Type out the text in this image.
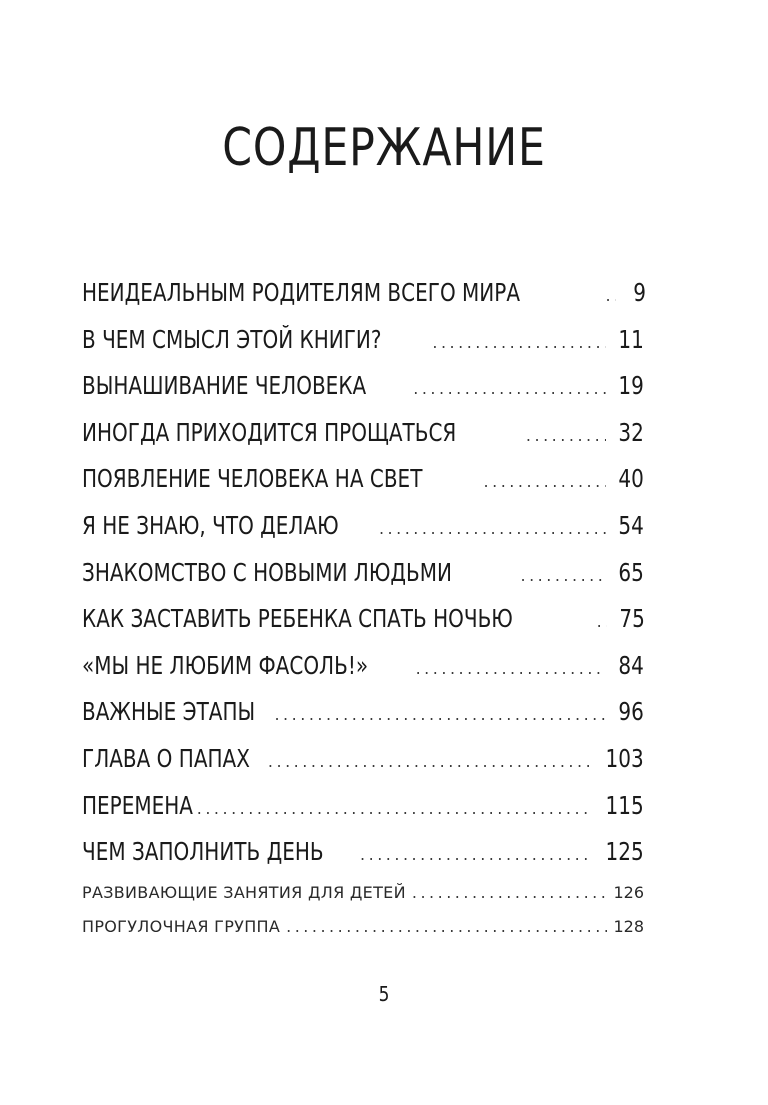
СОДЕРЖАНИЕ
НЕИДЕАЛЬНЫМ РОДИТЕЛЯМ ВСЕГО МИРА .....	9
В ЧЕМ СМЫСЛ ЭТОЙ КНИГИ? .....	11
ВЫНАШИВАНИЕ ЧЕЛОВЕКА .....	19
ИНОГДА ПРИХОДИТСЯ ПРОЩАТЬСЯ .....	32
ПОЯВЛЕНИЕ ЧЕЛОВЕКА НА СВЕТ .....	40
Я НЕ ЗНАЮ, ЧТО ДЕЛАЮ .....	54
ЗНАКОМСТВО С НОВЫМИ ЛЮДЬМИ .....	65
КАК ЗАСТАВИТЬ РЕБЕНКА СПАТЬ НОЧЬЮ .....	75
«МЫ НЕ ЛЮБИМ ФАСОЛЬ!» .....	84
ВАЖНЫЕ ЭТАПЫ .....	96
ГЛАВА О ПАПАХ .....	103
ПЕРЕМЕНА .....	115
ЧЕМ ЗАПОЛНИТЬ ДЕНЬ .....	125
РАЗВИВАЮЩИЕ ЗАНЯТИЯ ДЛЯ ДЕТЕЙ .....	126
ПРОГУЛОЧНАЯ ГРУППА .....	128
5
